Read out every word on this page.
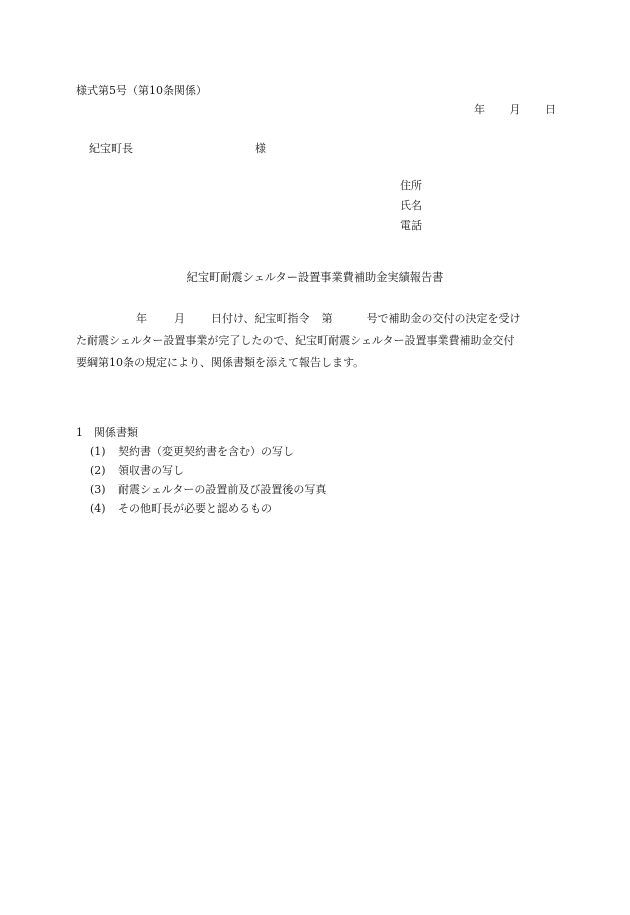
様式第5号（第10条関係）
年 月 日
紀宝町長	様
住所
氏名
電話
紀宝町耐震シェルター設置事業費補助金実績報告書
年 月 日付け、紀宝町指令 第	号で補助金の交付の決定を受け
た耐震シェルター設置事業が完了したので、紀宝町耐震シェルター設置事業費補助金交付
要綱第10条の規定により、関係書類を添えて報告します。
1　関係書類
(1) 契約書（変更契約書を含む）の写し
(2) 領収書の写し
(3) 耐震シェルターの設置前及び設置後の写真
(4) その他町長が必要と認めるもの
